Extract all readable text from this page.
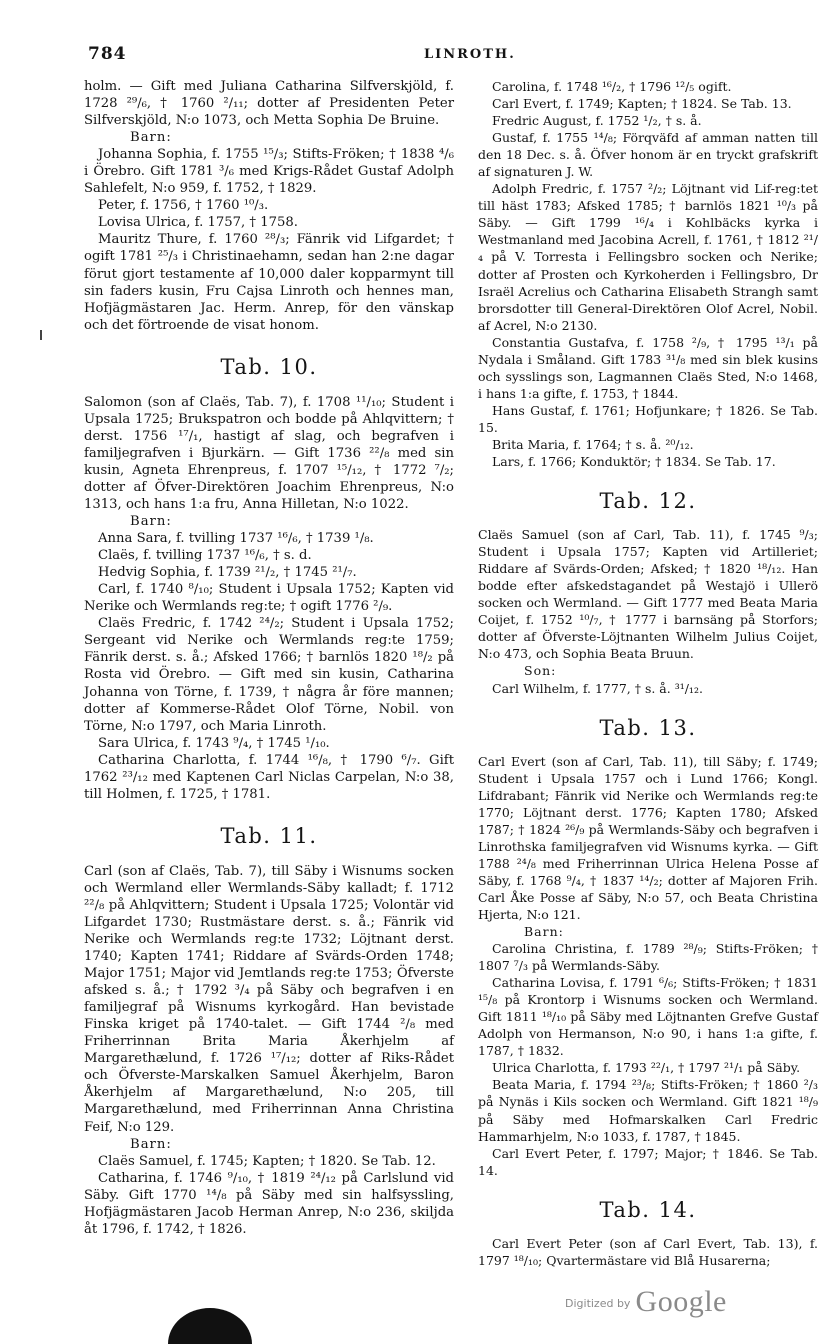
784	LINROTH.

holm. — Gift med Juliana Catharina Silfverskjöld, f. 1728 ²⁹/₆, † 1760 ²/₁₁; dotter af Presidenten Peter Silfverskjöld, N:o 1073, och Metta Sophia De Bruine.

Barn:

Johanna Sophia, f. 1755 ¹⁵/₃; Stifts-Fröken; † 1838 ⁴/₆ i Örebro. Gift 1781 ³/₆ med Krigs-Rådet Gustaf Adolph Sahlefelt, N:o 959, f. 1752, † 1829.

Peter, f. 1756, † 1760 ¹⁰/₃.

Lovisa Ulrica, f. 1757, † 1758.

Mauritz Thure, f. 1760 ²⁸/₃; Fänrik vid Lifgardet; † ogift 1781 ²⁵/₃ i Christinaehamn, sedan han 2:ne dagar förut gjort testamente af 10,000 daler kopparmynt till sin faders kusin, Fru Cajsa Linroth och hennes man, Hofjägmästaren Jac. Herm. Anrep, för den vänskap och det förtroende de visat honom.

Tab. 10.

Salomon (son af Claës, Tab. 7), f. 1708 ¹¹/₁₀; Student i Upsala 1725; Brukspatron och bodde på Ahlqvittern; † derst. 1756 ¹⁷/₁, hastigt af slag, och begrafven i familjegrafven i Bjurkärn. — Gift 1736 ²²/₈ med sin kusin, Agneta Ehrenpreus, f. 1707 ¹⁵/₁₂, † 1772 ⁷/₂; dotter af Öfver-Direktören Joachim Ehrenpreus, N:o 1313, och hans 1:a fru, Anna Hilletan, N:o 1022.

Barn:

Anna Sara, f. tvilling 1737 ¹⁶/₆, † 1739 ¹/₈.

Claës, f. tvilling 1737 ¹⁶/₆, † s. d.

Hedvig Sophia, f. 1739 ²¹/₂, † 1745 ²¹/₇.

Carl, f. 1740 ⁸/₁₀; Student i Upsala 1752; Kapten vid Nerike och Wermlands reg:te; † ogift 1776 ²/₉.

Claës Fredric, f. 1742 ²⁴/₂; Student i Upsala 1752; Sergeant vid Nerike och Wermlands reg:te 1759; Fänrik derst. s. å.; Afsked 1766; † barnlös 1820 ¹⁸/₂ på Rosta vid Örebro. — Gift med sin kusin, Catharina Johanna von Törne, f. 1739, † några år före mannen; dotter af Kommerse-Rådet Olof Törne, Nobil. von Törne, N:o 1797, och Maria Linroth.

Sara Ulrica, f. 1743 ⁹/₄, † 1745 ¹/₁₀.

Catharina Charlotta, f. 1744 ¹⁶/₈, † 1790 ⁶/₇. Gift 1762 ²³/₁₂ med Kaptenen Carl Niclas Carpelan, N:o 38, till Holmen, f. 1725, † 1781.

Tab. 11.

Carl (son af Claës, Tab. 7), till Säby i Wisnums socken och Wermland eller Wermlands-Säby kalladt; f. 1712 ²²/₈ på Ahlqvittern; Student i Upsala 1725; Volontär vid Lifgardet 1730; Rustmästare derst. s. å.; Fänrik vid Nerike och Wermlands reg:te 1732; Löjtnant derst. 1740; Kapten 1741; Riddare af Svärds-Orden 1748; Major 1751; Major vid Jemtlands reg:te 1753; Öfverste afsked s. å.; † 1792 ³/₄ på Säby och begrafven i en familjegraf på Wisnums kyrkogård. Han bevistade Finska kriget på 1740-talet. — Gift 1744 ²/₈ med Friherrinnan Brita Maria Åkerhjelm af Margarethælund, f. 1726 ¹⁷/₁₂; dotter af Riks-Rådet och Öfverste-Marskalken Samuel Åkerhjelm, Baron Åkerhjelm af Margarethælund, N:o 205, till Margarethælund, med Friherrinnan Anna Christina Feif, N:o 129.

Barn:

Claës Samuel, f. 1745; Kapten; † 1820. Se Tab. 12.

Catharina, f. 1746 ⁹/₁₀, † 1819 ²⁴/₁₂ på Carlslund vid Säby. Gift 1770 ¹⁴/₈ på Säby med sin halfsyssling, Hofjägmästaren Jacob Herman Anrep, N:o 236, skiljda åt 1796, f. 1742, † 1826.

Carolina, f. 1748 ¹⁶/₂, † 1796 ¹²/₅ ogift.

Carl Evert, f. 1749; Kapten; † 1824. Se Tab. 13.

Fredric August, f. 1752 ¹/₂, † s. å.

Gustaf, f. 1755 ¹⁴/₈; Förqväfd af amman natten till den 18 Dec. s. å. Öfver honom är en tryckt grafskrift af signaturen J. W.

Adolph Fredric, f. 1757 ²/₂; Löjtnant vid Lif-reg:tet till häst 1783; Afsked 1785; † barnlös 1821 ¹⁰/₃ på Säby. — Gift 1799 ¹⁶/₄ i Kohlbäcks kyrka i Westmanland med Jacobina Acrell, f. 1761, † 1812 ²¹/₄ på V. Torresta i Fellingsbro socken och Nerike; dotter af Prosten och Kyrkoherden i Fellingsbro, Dr Israël Acrelius och Catharina Elisabeth Strangh samt brorsdotter till General-Direktören Olof Acrel, Nobil. af Acrel, N:o 2130.

Constantia Gustafva, f. 1758 ²/₉, † 1795 ¹³/₁ på Nydala i Småland. Gift 1783 ³¹/₈ med sin blek kusins och sysslings son, Lagmannen Claës Sted, N:o 1468, i hans 1:a gifte, f. 1753, † 1844.

Hans Gustaf, f. 1761; Hofjunkare; † 1826. Se Tab. 15.

Brita Maria, f. 1764; † s. å. ²⁰/₁₂.

Lars, f. 1766; Konduktör; † 1834. Se Tab. 17.

Tab. 12.

Claës Samuel (son af Carl, Tab. 11), f. 1745 ⁹/₃; Student i Upsala 1757; Kapten vid Artilleriet; Riddare af Svärds-Orden; Afsked; † 1820 ¹⁸/₁₂. Han bodde efter afskedstagandet på Westajö i Ullerö socken och Wermland. — Gift 1777 med Beata Maria Coijet, f. 1752 ¹⁰/₇, † 1777 i barnsäng på Storfors; dotter af Öfverste-Löjtnanten Wilhelm Julius Coijet, N:o 473, och Sophia Beata Bruun.

Son:

Carl Wilhelm, f. 1777, † s. å. ³¹/₁₂.

Tab. 13.

Carl Evert (son af Carl, Tab. 11), till Säby; f. 1749; Student i Upsala 1757 och i Lund 1766; Kongl. Lifdrabant; Fänrik vid Nerike och Wermlands reg:te 1770; Löjtnant derst. 1776; Kapten 1780; Afsked 1787; † 1824 ²⁶/₉ på Wermlands-Säby och begrafven i Linrothska familjegrafven vid Wisnums kyrka. — Gift 1788 ²⁴/₈ med Friherrinnan Ulrica Helena Posse af Säby, f. 1768 ⁹/₄, † 1837 ¹⁴/₂; dotter af Majoren Frih. Carl Åke Posse af Säby, N:o 57, och Beata Christina Hjerta, N:o 121.

Barn:

Carolina Christina, f. 1789 ²⁸/₉; Stifts-Fröken; † 1807 ⁷/₃ på Wermlands-Säby.

Catharina Lovisa, f. 1791 ⁶/₆; Stifts-Fröken; † 1831 ¹⁵/₈ på Krontorp i Wisnums socken och Wermland. Gift 1811 ¹⁸/₁₀ på Säby med Löjtnanten Grefve Gustaf Adolph von Hermanson, N:o 90, i hans 1:a gifte, f. 1787, † 1832.

Ulrica Charlotta, f. 1793 ²²/₁, † 1797 ²¹/₁ på Säby.

Beata Maria, f. 1794 ²³/₈; Stifts-Fröken; † 1860 ²/₃ på Nynäs i Kils socken och Wermland. Gift 1821 ¹⁸/₉ på Säby med Hofmarskalken Carl Fredric Hammarhjelm, N:o 1033, f. 1787, † 1845.

Carl Evert Peter, f. 1797; Major; † 1846. Se Tab. 14.

Tab. 14.

Carl Evert Peter (son af Carl Evert, Tab. 13), f. 1797 ¹⁸/₁₀; Qvartermästare vid Blå Husarerna;

$^{Digitized by}$ Google
